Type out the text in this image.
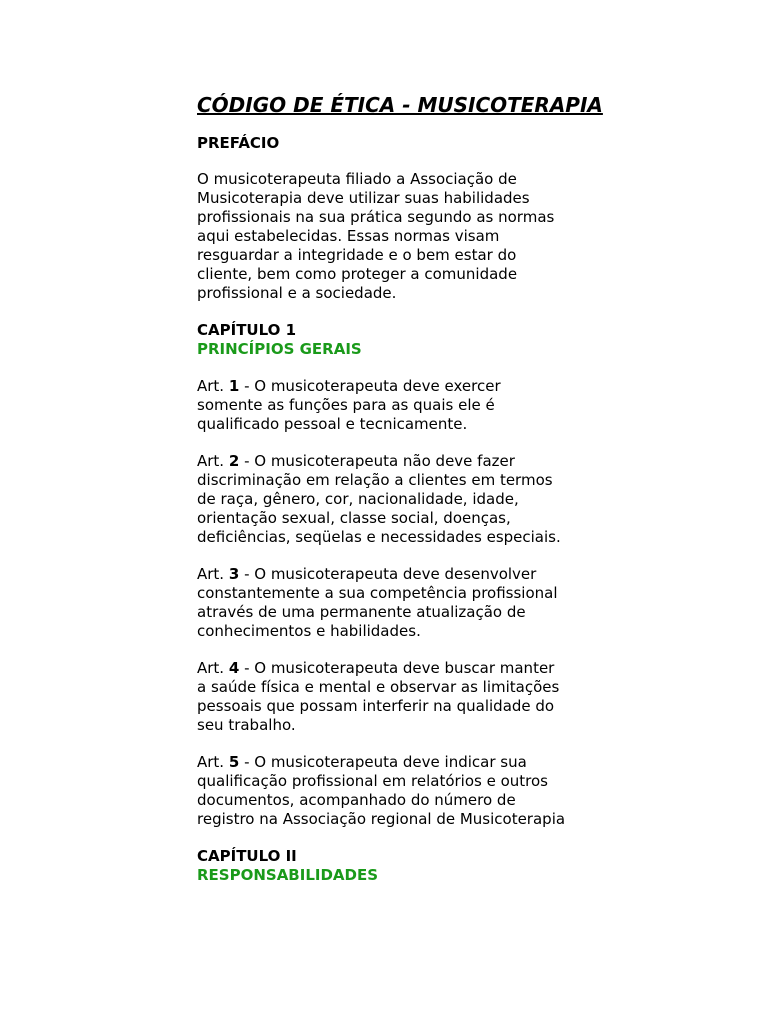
CÓDIGO DE ÉTICA - MUSICOTERAPIA
PREFÁCIO
O musicoterapeuta filiado a Associação de
Musicoterapia deve utilizar suas habilidades
profissionais na sua prática segundo as normas
aqui estabelecidas. Essas normas visam
resguardar a integridade e o bem estar do
cliente, bem como proteger a comunidade
profissional e a sociedade.
CAPÍTULO 1
PRINCÍPIOS GERAIS
Art. 1 - O musicoterapeuta deve exercer
somente as funções para as quais ele é
qualificado pessoal e tecnicamente.
Art. 2 - O musicoterapeuta não deve fazer
discriminação em relação a clientes em termos
de raça, gênero, cor, nacionalidade, idade,
orientação sexual, classe social, doenças,
deficiências, seqüelas e necessidades especiais.
Art. 3 - O musicoterapeuta deve desenvolver
constantemente a sua competência profissional
através de uma permanente atualização de
conhecimentos e habilidades.
Art. 4 - O musicoterapeuta deve buscar manter
a saúde física e mental e observar as limitações
pessoais que possam interferir na qualidade do
seu trabalho.
Art. 5 - O musicoterapeuta deve indicar sua
qualificação profissional em relatórios e outros
documentos, acompanhado do número de
registro na Associação regional de Musicoterapia
CAPÍTULO II
RESPONSABILIDADES
